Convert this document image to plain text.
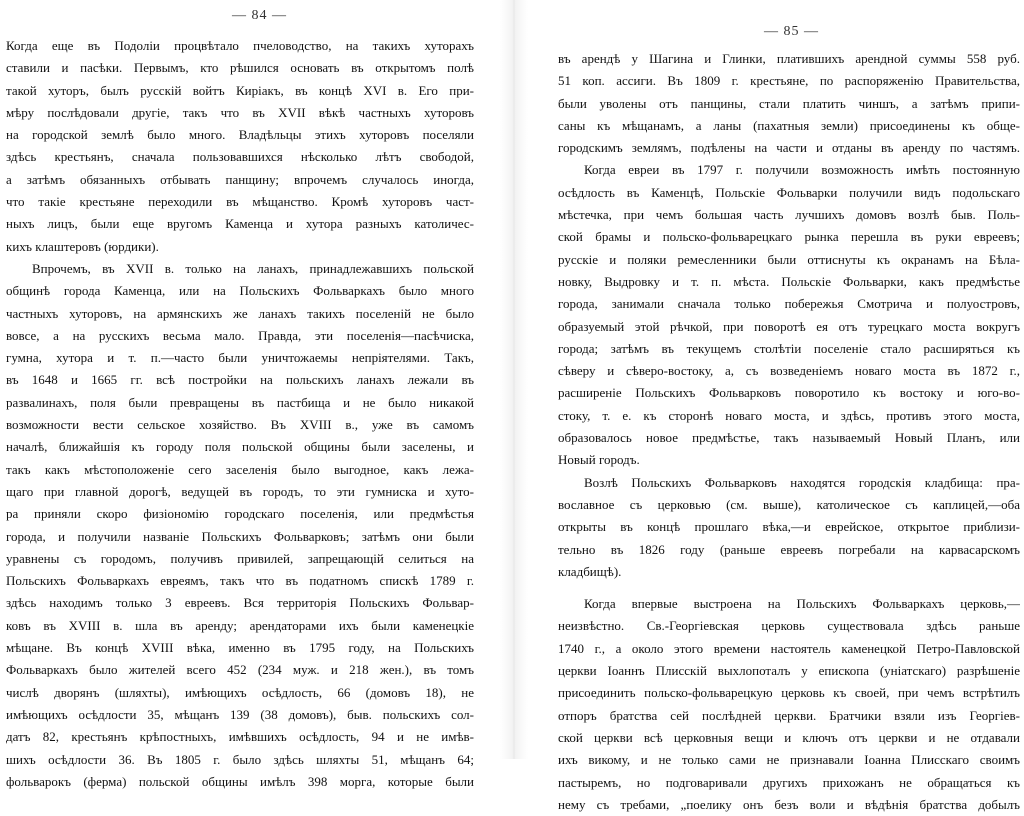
— 84 —
Когда еще въ Подоліи процвѣтало пчеловодство, на такихъ хуторахъ
ставили и пасѣки. Первымъ, кто рѣшился основать въ открытомъ полѣ
такой хуторъ, былъ русскій войтъ Киріакъ, въ концѣ XVI в. Его при-
мѣру послѣдовали другіе, такъ что въ XVII вѣкѣ частныхъ хуторовъ
на городской землѣ было много. Владѣльцы этихъ хуторовъ поселяли
здѣсь крестьянъ, сначала пользовавшихся нѣсколько лѣтъ свободой,
а затѣмъ обязанныхъ отбывать панщину; впрочемъ случалось иногда,
что такіе крестьяне переходили въ мѣщанство. Кромѣ хуторовъ част-
ныхъ лицъ, были еще вругомъ Каменца и хутора разныхъ католичес-
кихъ клаштеровъ (юрдики).
Впрочемъ, въ XVII в. только на ланахъ, принадлежавшихъ польской
общинѣ города Каменца, или на Польскихъ Фольваркахъ было много
частныхъ хуторовъ, на армянскихъ же ланахъ такихъ поселеній не было
вовсе, а на русскихъ весьма мало. Правда, эти поселенія—пасѣчиска,
гумна, хутора и т. п.—часто были уничтожаемы непріятелями. Такъ,
въ 1648 и 1665 гг. всѣ постройки на польскихъ ланахъ лежали въ
развалинахъ, поля были превращены въ пастбища и не было никакой
возможности вести сельское хозяйство. Въ XVIII в., уже въ самомъ
началѣ, ближайшія къ городу поля польской общины были заселены, и
такъ какъ мѣстоположеніе сего заселенія было выгодное, какъ лежа-
щаго при главной дорогѣ, ведущей въ городъ, то эти гумниска и хуто-
ра приняли скоро физіономію городскаго поселенія, или предмѣстья
города, и получили названіе Польскихъ Фольварковъ; затѣмъ они были
уравнены съ городомъ, получивъ привилей, запрещающій селиться на
Польскихъ Фольваркахъ евреямъ, такъ что въ податномъ спискѣ 1789 г.
здѣсь находимъ только 3 евреевъ. Вся территорія Польскихъ Фольвар-
ковъ въ XVIII в. шла въ аренду; арендаторами ихъ были каменецкіе
мѣщане. Въ концѣ XVIII вѣка, именно въ 1795 году, на Польскихъ
Фольваркахъ было жителей всего 452 (234 муж. и 218 жен.), въ томъ
числѣ дворянъ (шляхты), имѣющихъ осѣдлость, 66 (домовъ 18), не
имѣющихъ осѣдлости 35, мѣщанъ 139 (38 домовъ), быв. польскихъ сол-
датъ 82, крестьянъ крѣпостныхъ, имѣвшихъ осѣдлость, 94 и не имѣв-
шихъ осѣдлости 36. Въ 1805 г. было здѣсь шляхты 51, мѣщанъ 64;
фольварокъ (ферма) польской общины имѣлъ 398 морга, которые были
— 85 —
въ арендѣ у Шагина и Глинки, платившихъ арендной суммы 558 руб.
51 коп. ассиги. Въ 1809 г. крестьяне, по распоряженію Правительства,
были уволены отъ панщины, стали платить чиншъ, а затѣмъ припи-
саны къ мѣщанамъ, а ланы (пахатныя земли) присоединены къ обще-
городскимъ землямъ, подѣлены на части и отданы въ аренду по частямъ.
Когда евреи въ 1797 г. получили возможность имѣть постоянную
осѣдлость въ Каменцѣ, Польскіе Фольварки получили видъ подольскаго
мѣстечка, при чемъ большая часть лучшихъ домовъ возлѣ быв. Поль-
ской брамы и польско-фольварецкаго рынка перешла въ руки евреевъ;
русскіе и поляки ремесленники были оттиснуты къ окранамъ на Бѣла-
новку, Выдровку и т. п. мѣста. Польскіе Фольварки, какъ предмѣстье
города, занимали сначала только побережья Смотрича и полуостровъ,
образуемый этой рѣчкой, при поворотѣ ея отъ турецкаго моста вокругъ
города; затѣмъ въ текущемъ столѣтіи поселеніе стало расширяться къ
сѣверу и сѣверо-востоку, а, съ возведеніемъ новаго моста въ 1872 г.,
расширеніе Польскихъ Фольварковъ поворотило къ востоку и юго-во-
стоку, т. е. къ сторонѣ новаго моста, и здѣсь, противъ этого моста,
образовалось новое предмѣстье, такъ называемый Новый Планъ, или
Новый городъ.
Возлѣ Польскихъ Фольварковъ находятся городскія кладбища: пра-
вославное съ церковью (см. выше), католическое съ каплицей,—оба
открыты въ концѣ прошлаго вѣка,—и еврейское, открытое приблизи-
тельно въ 1826 году (раньше евреевъ погребали на карвасарскомъ
кладбищѣ).
Когда впервые выстроена на Польскихъ Фольваркахъ церковь,—
неизвѣстно. Св.-Георгіевская церковь существовала здѣсь раньше
1740 г., а около этого времени настоятель каменецкой Петро-Павловской
церкви Іоаннъ Плисскій выхлопоталъ у епископа (уніатскаго) разрѣшеніе
присоединить польско-фольварецкую церковь къ своей, при чемъ встрѣтилъ
отпоръ братства сей послѣдней церкви. Братчики взяли изъ Георгіев-
ской церкви всѣ церковныя вещи и ключъ отъ церкви и не отдавали
ихъ викому, и не только сами не признавали Іоанна Плисскаго своимъ
пастыремъ, но подговаривали другихъ прихожанъ не обращаться къ
нему съ требами, „поелику онъ безъ воли и вѣдѣнія братства добылъ
